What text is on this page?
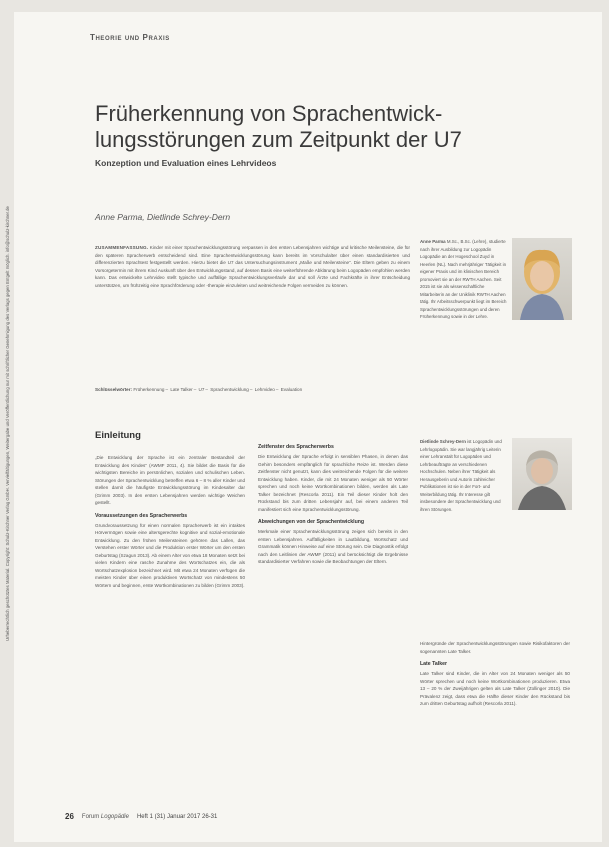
Urheberrechtlich geschütztes Material. Copyright: Schulz-Kirchner Verlag GmbH. Vervielfältigungen, Weitergabe und Veröffentlichung nur mit schriftlicher Genehmigung des Verlags gegen Entgelt möglich. info@schulz-kirchner.de
Theorie und Praxis
Früherkennung von Sprachentwicklungsstörungen zum Zeitpunkt der U7
Konzeption und Evaluation eines Lehrvideos
Anne Parma, Dietlinde Schrey-Dern
ZUSAMMENFASSUNG. Kinder mit einer Sprachentwicklungsstörung verpassen in den ersten Lebensjahren wichtige und kritische Meilensteine, die für den späteren Spracherwerb entscheidend sind. Eine Sprachentwicklungsstörung kann bereits im Vorschulalter über einen standardisierten und differenzierten Sprachtest festgestellt werden. Hierzu bietet die U7 das Untersuchungsinstrument „Maße und Meilensteine“. Die Eltern geben zu einem Vorsorgetermin mit ihrem Kind Auskunft über den Entwicklungsstand, auf dessen Basis eine weiterführende Abklärung beim Logopäden empfohlen werden kann. Das entwickelte Lehrvideo stellt typische und auffällige Sprachentwicklungsverläufe dar und soll Ärzte und Fachkräfte in ihrer Entscheidung unterstützen, um frühzeitig eine Sprachförderung oder -therapie einzuleiten und weitreichende Folgen vermeiden zu können.
Schlüsselwörter: Früherkennung– Late Talker– U7– Sprachentwicklung– Lehrvideo– Evaluation
Anne Parma M.Sc., B.Sc. (Lehre), studierte nach ihrer Ausbildung zur Logopädin Logopädie an der Hogeschool Zuyd in Heerlen (NL). Nach mehrjähriger Tätigkeit in eigener Praxis und im klinischen Bereich promoviert sie an der RWTH Aachen. Seit 2015 ist sie als wissenschaftliche Mitarbeiterin an der Uniklinik RWTH Aachen tätig. Ihr Arbeitsschwerpunkt liegt im Bereich Sprachentwicklungsstörungen und deren Früherkennung sowie in der Lehre.
Dietlinde Schrey-Dern ist Logopädin und Lehrlogopädin. Sie war langjährig Leiterin einer Lehranstalt für Logopäden und Lehrbeauftragte an verschiedenen Hochschulen. Neben ihrer Tätigkeit als Herausgeberin und Autorin zahlreicher Publikationen ist sie in der Fort- und Weiterbildung tätig. Ihr Interesse gilt insbesondere der Sprachentwicklung und ihren Störungen.
Einleitung

„Die Entwicklung der Sprache ist ein zentraler Bestandteil der Entwicklung des Kindes“ (AWMF 2011, 4). Sie bildet die Basis für die wichtigsten Bereiche im persönlichen, sozialen und schulischen Leben. Störungen der Sprachentwicklung betreffen etwa 6 – 8 % aller Kinder und stellen damit die häufigste Entwicklungsstörung im Kindesalter dar (Grimm 2003). In den ersten Lebensjahren werden wichtige Weichen gestellt.

Voraussetzungen des Spracherwerbs

Grundvoraussetzung für einen normalen Spracherwerb ist ein intaktes Hörvermögen sowie eine altersgerechte kognitive und sozial-emotionale Entwicklung. Zu den frühen Meilensteinen gehören das Lallen, das Verstehen erster Wörter und die Produktion erster Wörter um den ersten Geburtstag (Szagun 2013). Ab einem Alter von etwa 18 Monaten setzt bei vielen Kindern eine rasche Zunahme des Wortschatzes ein, die als Wortschatzexplosion bezeichnet wird. Mit etwa 24 Monaten verfügen die meisten Kinder über einen produktiven Wortschatz von mindestens 50 Wörtern und beginnen, erste Wortkombinationen zu bilden (Grimm 2003).

Zeitfenster des Spracherwerbs

Die Entwicklung der Sprache erfolgt in sensiblen Phasen, in denen das Gehirn besonders empfänglich für sprachliche Reize ist. Werden diese Zeitfenster nicht genutzt, kann dies weitreichende Folgen für die weitere Entwicklung haben. Kinder, die mit 24 Monaten weniger als 50 Wörter sprechen und noch keine Wortkombinationen bilden, werden als Late Talker bezeichnet (Rescorla 2011). Ein Teil dieser Kinder holt den Rückstand bis zum dritten Lebensjahr auf, bei einem anderen Teil manifestiert sich eine Sprachentwicklungsstörung.

Abweichungen von der Sprachentwicklung

Merkmale einer Sprachentwicklungsstörung zeigen sich bereits in den ersten Lebensjahren. Auffälligkeiten in Lautbildung, Wortschatz und Grammatik können Hinweise auf eine Störung sein. Die Diagnostik erfolgt nach den Leitlinien der AWMF (2011) und berücksichtigt die Ergebnisse standardisierter Verfahren sowie die Beobachtungen der Eltern.

Hintergründe der Sprachentwicklungsstörungen sowie Risikofaktoren der sogenannten Late Talker.

Late Talker

Late Talker sind Kinder, die im Alter von 24 Monaten weniger als 50 Wörter sprechen und noch keine Wortkombinationen produzieren. Etwa 13 – 20 % der Zweijährigen gelten als Late Talker (Zollinger 2010). Die Prävalenz zeigt, dass etwa die Hälfte dieser Kinder den Rückstand bis zum dritten Geburtstag aufholt (Rescorla 2011).

26 Forum Logopädie Heft 1 (31) Januar 2017 26-31
